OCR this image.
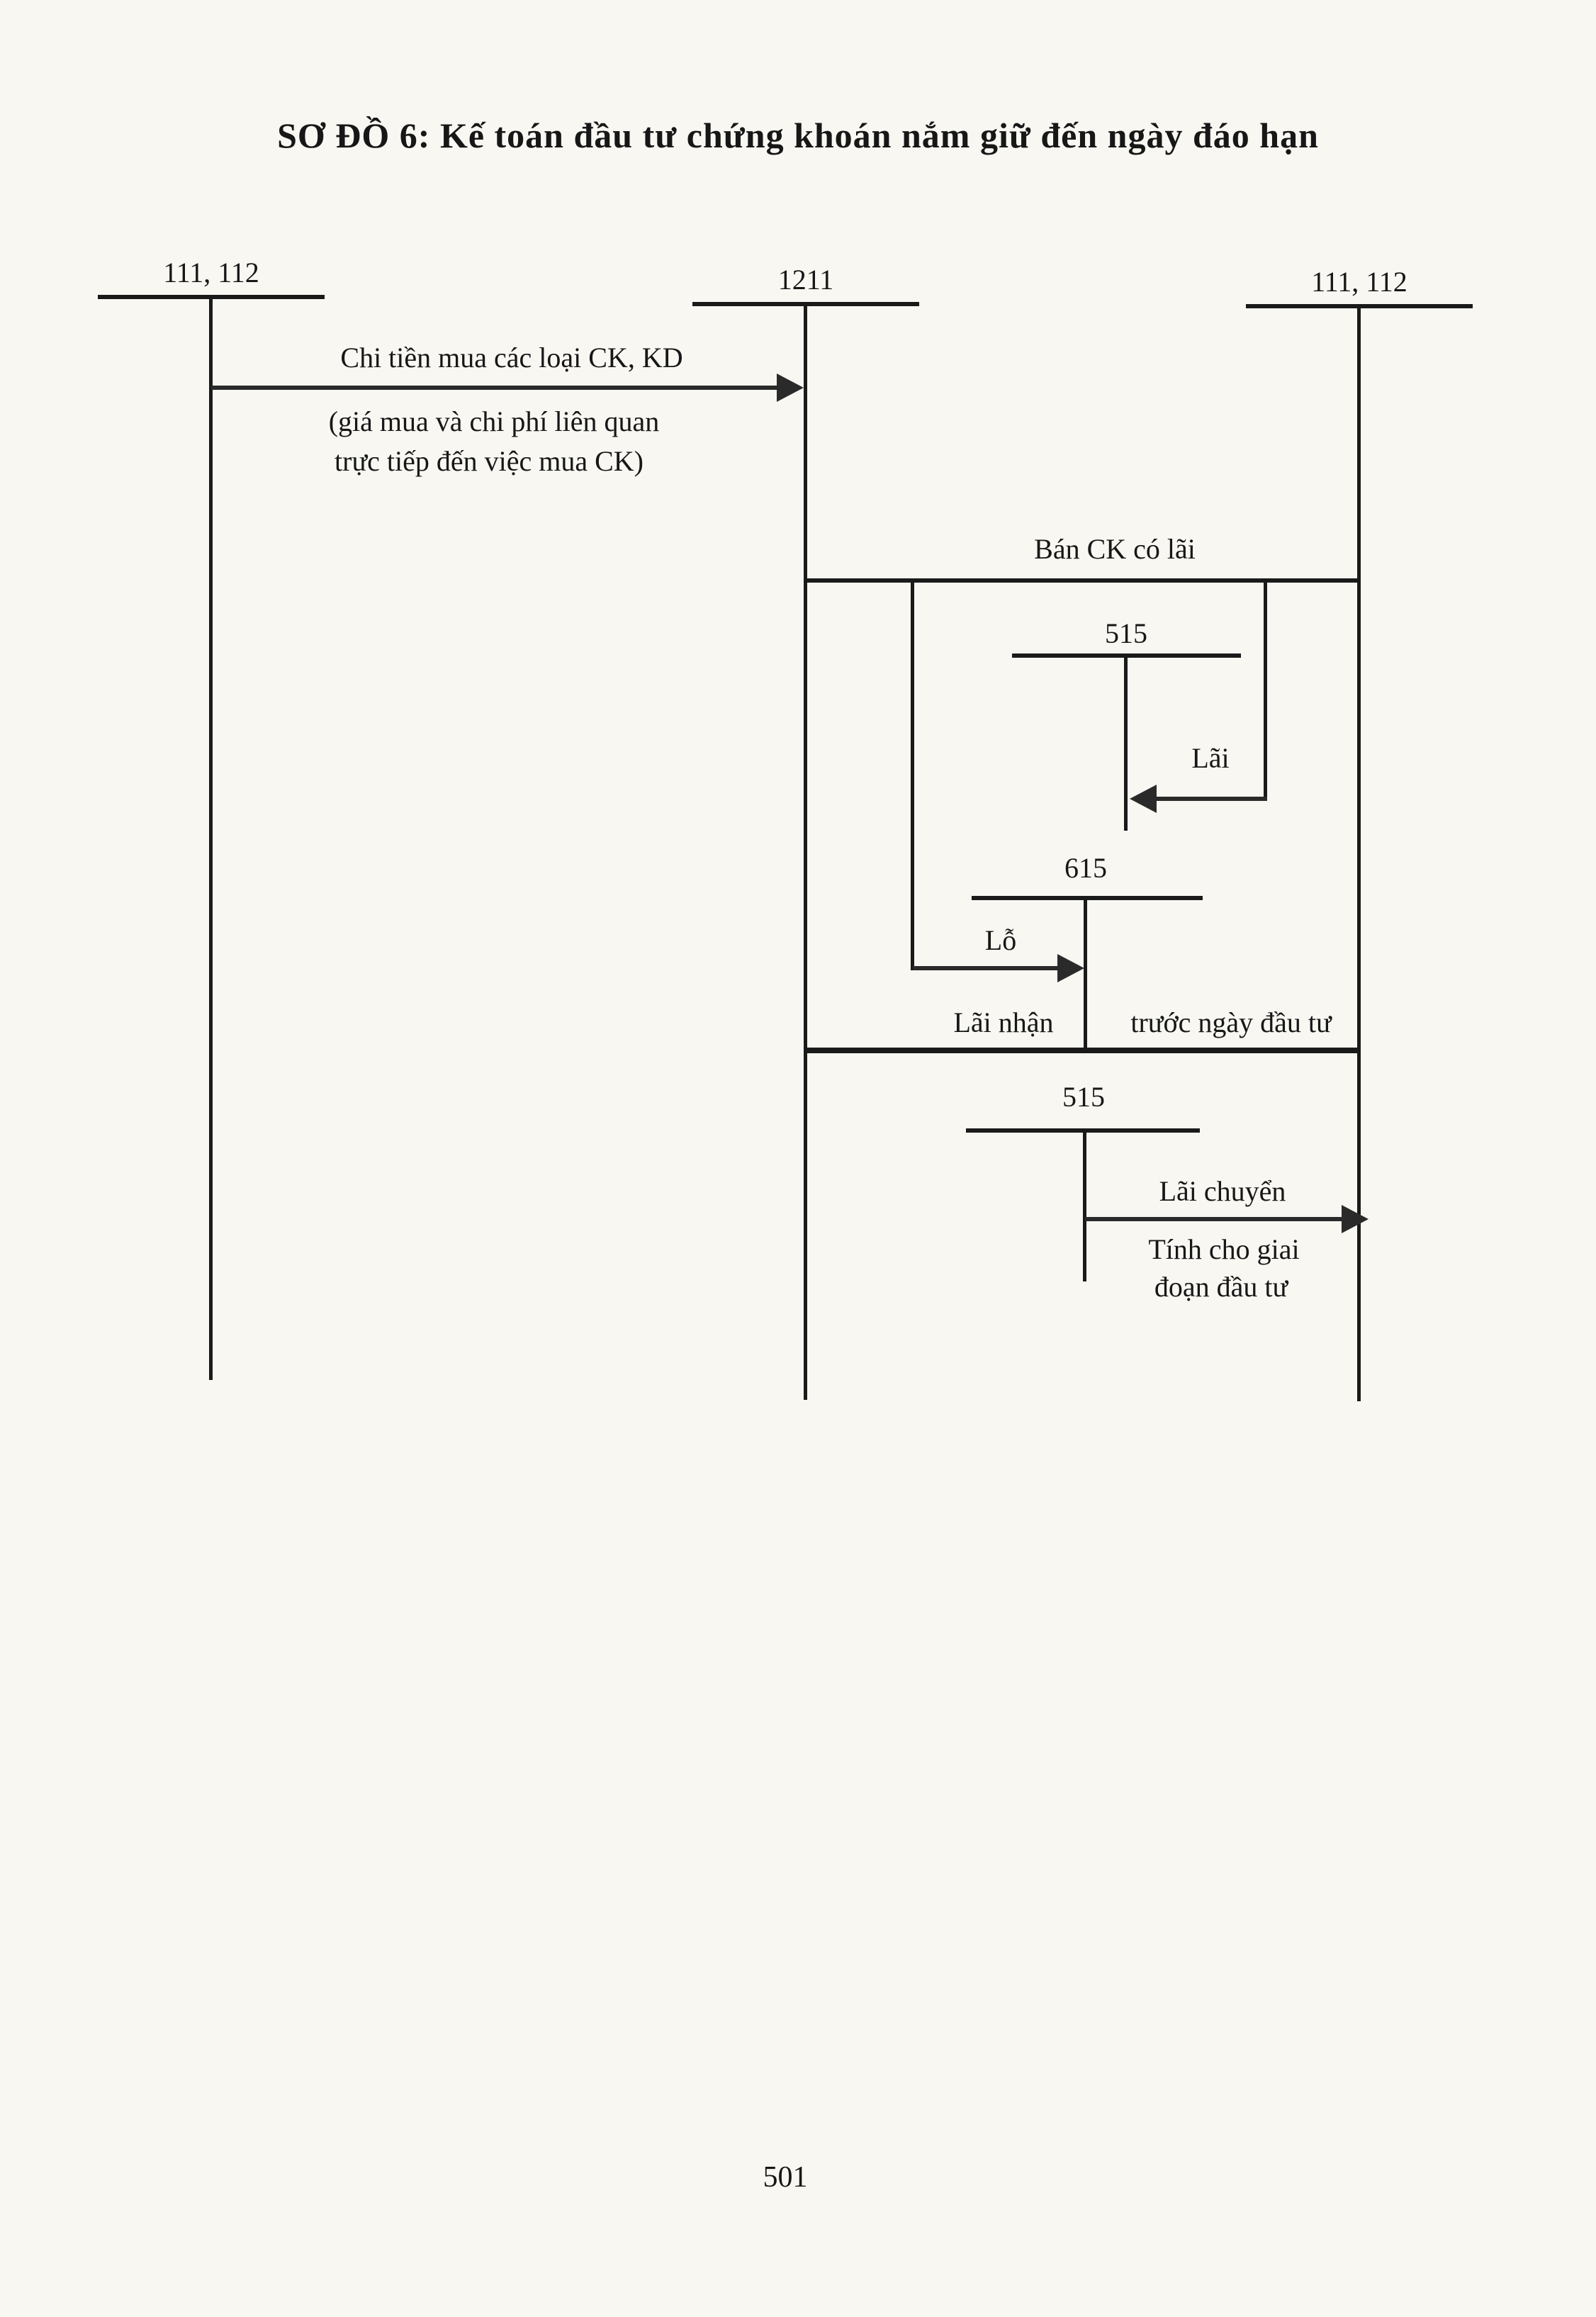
SƠ ĐỒ 6: Kế toán đầu tư chứng khoán nắm giữ đến ngày đáo hạn
111, 112	1211	111, 112
Chi tiền mua các loại CK, KD
(giá mua và chi phí liên quan
trực tiếp đến việc mua CK)
Bán CK có lãi
515
Lãi
615
Lỗ
Lãi nhận	trước ngày đầu tư
515
Lãi chuyển
Tính cho giai
đoạn đầu tư
501
